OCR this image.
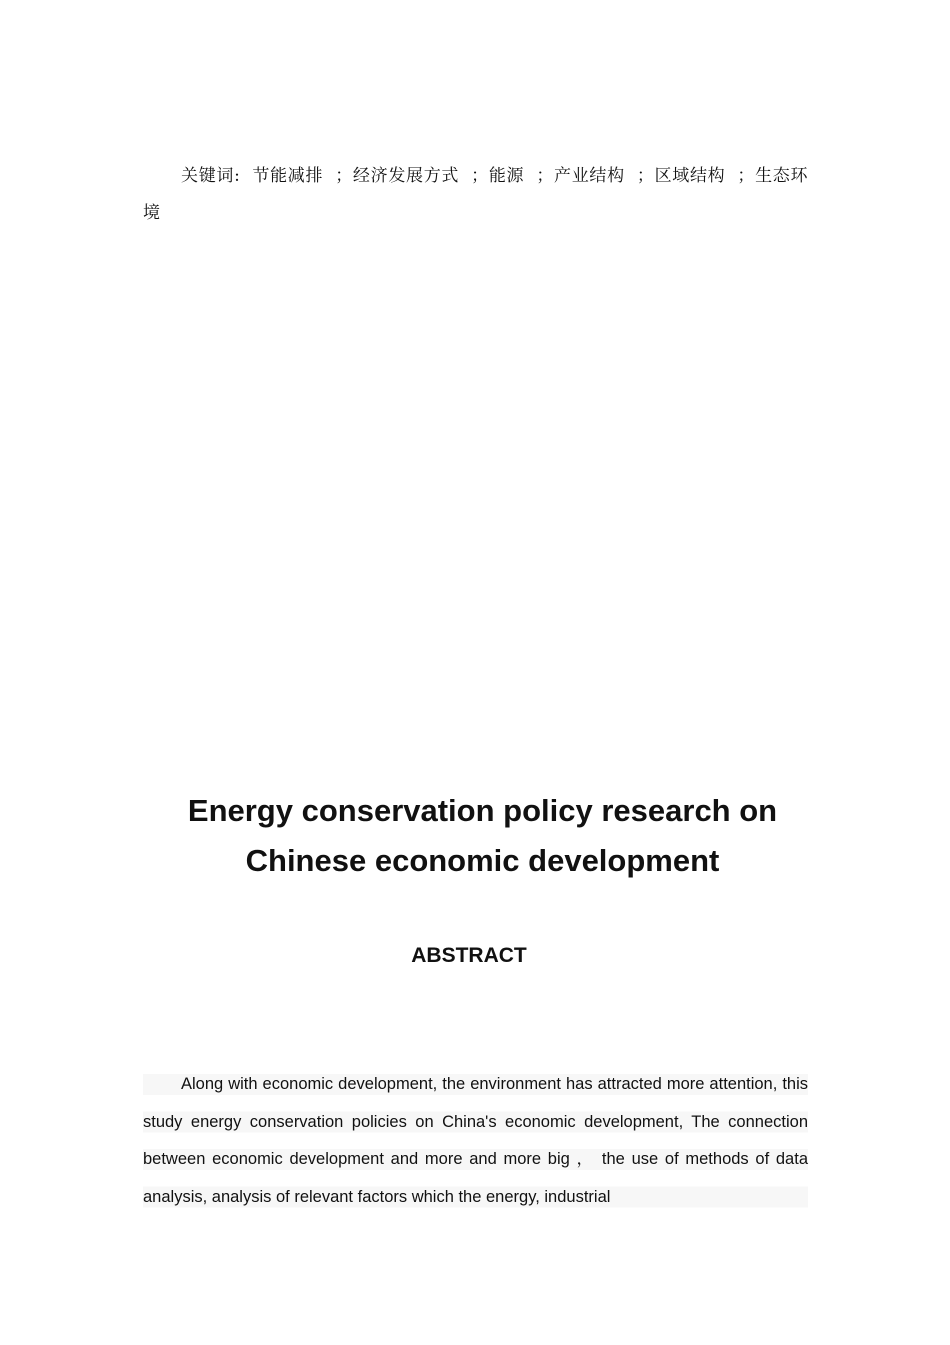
关键词: 节能减排 ；经济发展方式 ；能源 ；产业结构 ；区域结构 ；生态环境
Energy conservation policy research on
Chinese economic development
ABSTRACT
Along with economic development, the environment has attracted more attention, this study energy conservation policies on China's economic development, The connection between economic development and more and more big ， the use of methods of data analysis, analysis of relevant factors which the energy, industrial
